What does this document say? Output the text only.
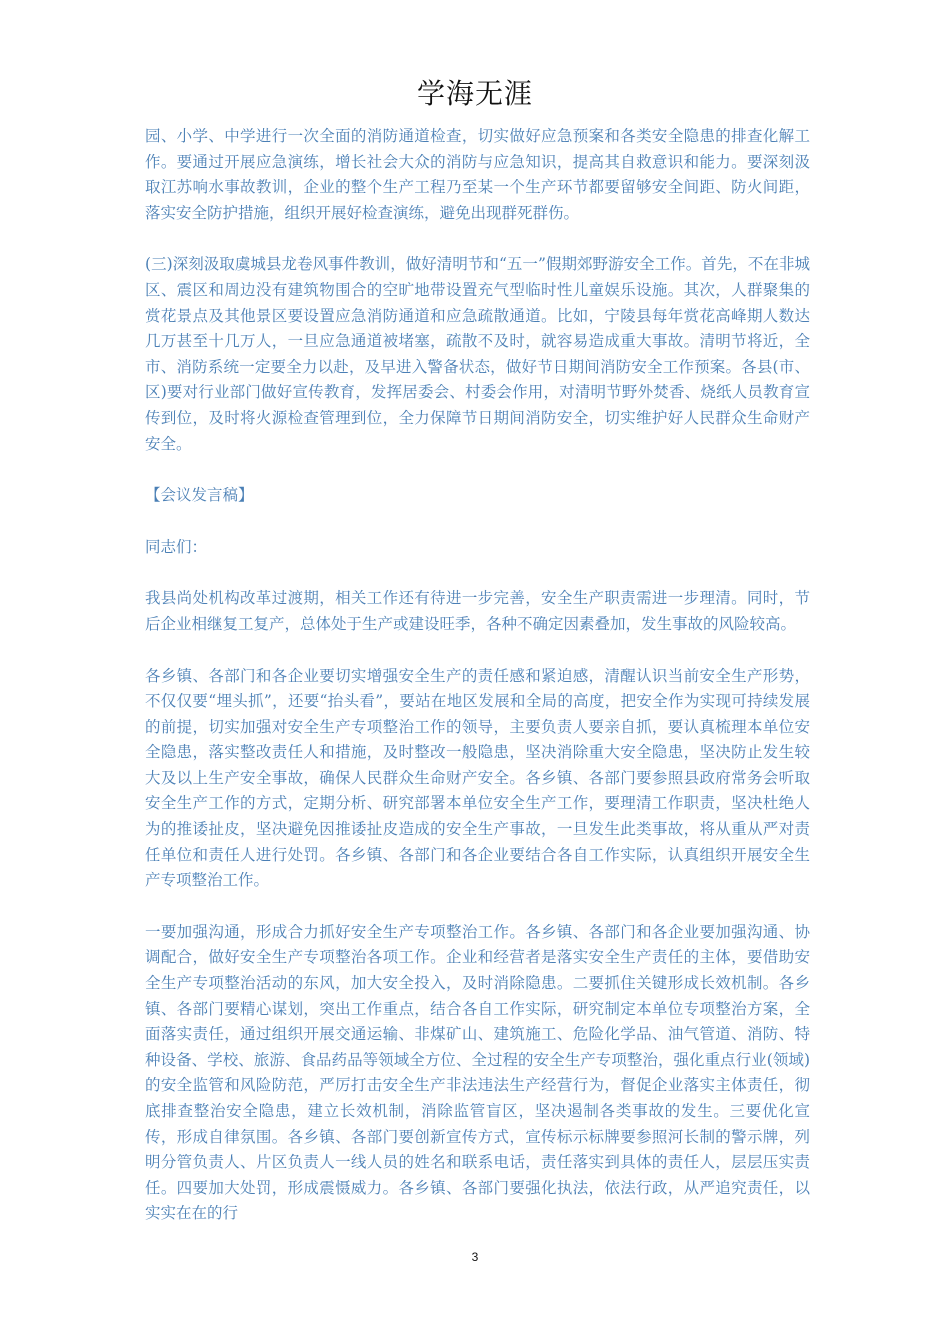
学海无涯

园、小学、中学进行一次全面的消防通道检查，切实做好应急预案和各类安全隐患的排查化解工作。要通过开展应急演练，增长社会大众的消防与应急知识，提高其自救意识和能力。要深刻汲取江苏响水事故教训，企业的整个生产工程乃至某一个生产环节都要留够安全间距、防火间距，落实安全防护措施，组织开展好检查演练，避免出现群死群伤。

(三)深刻汲取虞城县龙卷风事件教训，做好清明节和“五一”假期郊野游安全工作。首先，不在非城区、震区和周边没有建筑物围合的空旷地带设置充气型临时性儿童娱乐设施。其次，人群聚集的赏花景点及其他景区要设置应急消防通道和应急疏散通道。比如，宁陵县每年赏花高峰期人数达几万甚至十几万人，一旦应急通道被堵塞，疏散不及时，就容易造成重大事故。清明节将近，全市、消防系统一定要全力以赴，及早进入警备状态，做好节日期间消防安全工作预案。各县(市、区)要对行业部门做好宣传教育，发挥居委会、村委会作用，对清明节野外焚香、烧纸人员教育宣传到位，及时将火源检查管理到位，全力保障节日期间消防安全，切实维护好人民群众生命财产安全。

【会议发言稿】

同志们：

我县尚处机构改革过渡期，相关工作还有待进一步完善，安全生产职责需进一步理清。同时，节后企业相继复工复产，总体处于生产或建设旺季，各种不确定因素叠加，发生事故的风险较高。

各乡镇、各部门和各企业要切实增强安全生产的责任感和紧迫感，清醒认识当前安全生产形势，不仅仅要“埋头抓”，还要“抬头看”，要站在地区发展和全局的高度，把安全作为实现可持续发展的前提，切实加强对安全生产专项整治工作的领导，主要负责人要亲自抓，要认真梳理本单位安全隐患，落实整改责任人和措施，及时整改一般隐患，坚决消除重大安全隐患，坚决防止发生较大及以上生产安全事故，确保人民群众生命财产安全。各乡镇、各部门要参照县政府常务会听取安全生产工作的方式，定期分析、研究部署本单位安全生产工作，要理清工作职责，坚决杜绝人为的推诿扯皮，坚决避免因推诿扯皮造成的安全生产事故，一旦发生此类事故，将从重从严对责任单位和责任人进行处罚。各乡镇、各部门和各企业要结合各自工作实际，认真组织开展安全生产专项整治工作。

一要加强沟通，形成合力抓好安全生产专项整治工作。各乡镇、各部门和各企业要加强沟通、协调配合，做好安全生产专项整治各项工作。企业和经营者是落实安全生产责任的主体，要借助安全生产专项整治活动的东风，加大安全投入，及时消除隐患。二要抓住关键形成长效机制。各乡镇、各部门要精心谋划，突出工作重点，结合各自工作实际，研究制定本单位专项整治方案，全面落实责任，通过组织开展交通运输、非煤矿山、建筑施工、危险化学品、油气管道、消防、特种设备、学校、旅游、食品药品等领域全方位、全过程的安全生产专项整治，强化重点行业(领域)的安全监管和风险防范，严厉打击安全生产非法违法生产经营行为，督促企业落实主体责任，彻底排查整治安全隐患，建立长效机制，消除监管盲区，坚决遏制各类事故的发生。三要优化宣传，形成自律氛围。各乡镇、各部门要创新宣传方式，宣传标示标牌要参照河长制的警示牌，列明分管负责人、片区负责人一线人员的姓名和联系电话，责任落实到具体的责任人，层层压实责任。四要加大处罚，形成震慑威力。各乡镇、各部门要强化执法，依法行政，从严追究责任，以实实在在的行

3
